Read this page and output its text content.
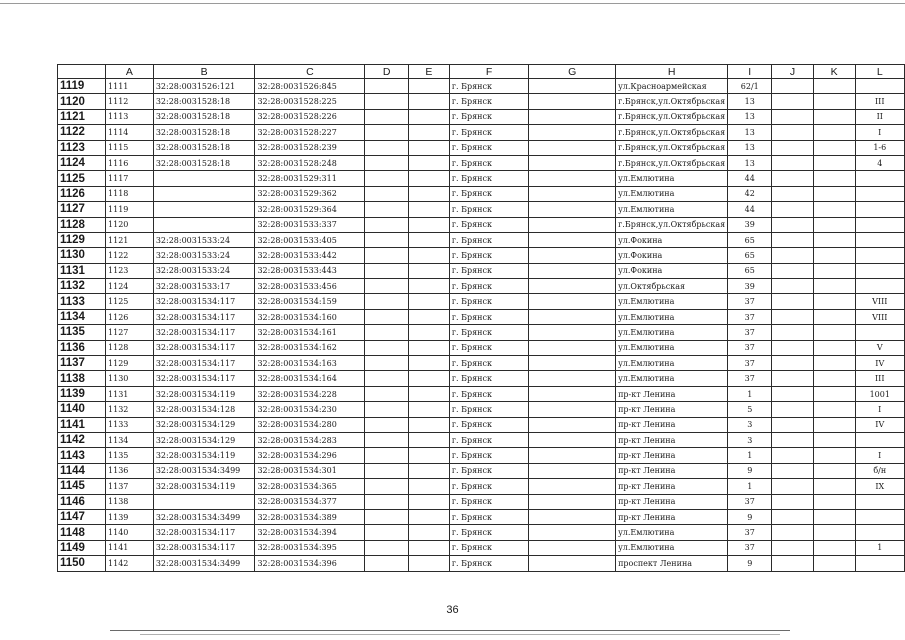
	A	B	C	D	E	F	G	H	I	J	K	L
1119	1111	32:28:0031526:121	32:28:0031526:845			г. Брянск		ул.Красноармейская	62/1			
1120	1112	32:28:0031528:18	32:28:0031528:225			г. Брянск		г.Брянск,ул.Октябрьская	13			III
1121	1113	32:28:0031528:18	32:28:0031528:226			г. Брянск		г.Брянск,ул.Октябрьская	13			II
1122	1114	32:28:0031528:18	32:28:0031528:227			г. Брянск		г.Брянск,ул.Октябрьская	13			I
1123	1115	32:28:0031528:18	32:28:0031528:239			г. Брянск		г.Брянск,ул.Октябрьская	13			1-6
1124	1116	32:28:0031528:18	32:28:0031528:248			г. Брянск		г.Брянск,ул.Октябрьская	13			4
1125	1117		32:28:0031529:311			г. Брянск		ул.Емлютина	44			
1126	1118		32:28:0031529:362			г. Брянск		ул.Емлютина	42			
1127	1119		32:28:0031529:364			г. Брянск		ул.Емлютина	44			
1128	1120		32:28:0031533:337			г. Брянск		г.Брянск,ул.Октябрьская	39			
1129	1121	32:28:0031533:24	32:28:0031533:405			г. Брянск		ул.Фокина	65			
1130	1122	32:28:0031533:24	32:28:0031533:442			г. Брянск		ул.Фокина	65			
1131	1123	32:28:0031533:24	32:28:0031533:443			г. Брянск		ул.Фокина	65			
1132	1124	32:28:0031533:17	32:28:0031533:456			г. Брянск		ул.Октябрьская	39			
1133	1125	32:28:0031534:117	32:28:0031534:159			г. Брянск		ул.Емлютина	37			VIII
1134	1126	32:28:0031534:117	32:28:0031534:160			г. Брянск		ул.Емлютина	37			VIII
1135	1127	32:28:0031534:117	32:28:0031534:161			г. Брянск		ул.Емлютина	37			
1136	1128	32:28:0031534:117	32:28:0031534:162			г. Брянск		ул.Емлютина	37			V
1137	1129	32:28:0031534:117	32:28:0031534:163			г. Брянск		ул.Емлютина	37			IV
1138	1130	32:28:0031534:117	32:28:0031534:164			г. Брянск		ул.Емлютина	37			III
1139	1131	32:28:0031534:119	32:28:0031534:228			г. Брянск		пр-кт Ленина	1			1001
1140	1132	32:28:0031534:128	32:28:0031534:230			г. Брянск		пр-кт Ленина	5			I
1141	1133	32:28:0031534:129	32:28:0031534:280			г. Брянск		пр-кт Ленина	3			IV
1142	1134	32:28:0031534:129	32:28:0031534:283			г. Брянск		пр-кт Ленина	3			
1143	1135	32:28:0031534:119	32:28:0031534:296			г. Брянск		пр-кт Ленина	1			I
1144	1136	32:28:0031534:3499	32:28:0031534:301			г. Брянск		пр-кт Ленина	9			б/н
1145	1137	32:28:0031534:119	32:28:0031534:365			г. Брянск		пр-кт Ленина	1			IX
1146	1138		32:28:0031534:377			г. Брянск		пр-кт Ленина	37			
1147	1139	32:28:0031534:3499	32:28:0031534:389			г. Брянск		пр-кт Ленина	9			
1148	1140	32:28:0031534:117	32:28:0031534:394			г. Брянск		ул.Емлютина	37			
1149	1141	32:28:0031534:117	32:28:0031534:395			г. Брянск		ул.Емлютина	37			1
1150	1142	32:28:0031534:3499	32:28:0031534:396			г. Брянск		проспект Ленина	9			
36
